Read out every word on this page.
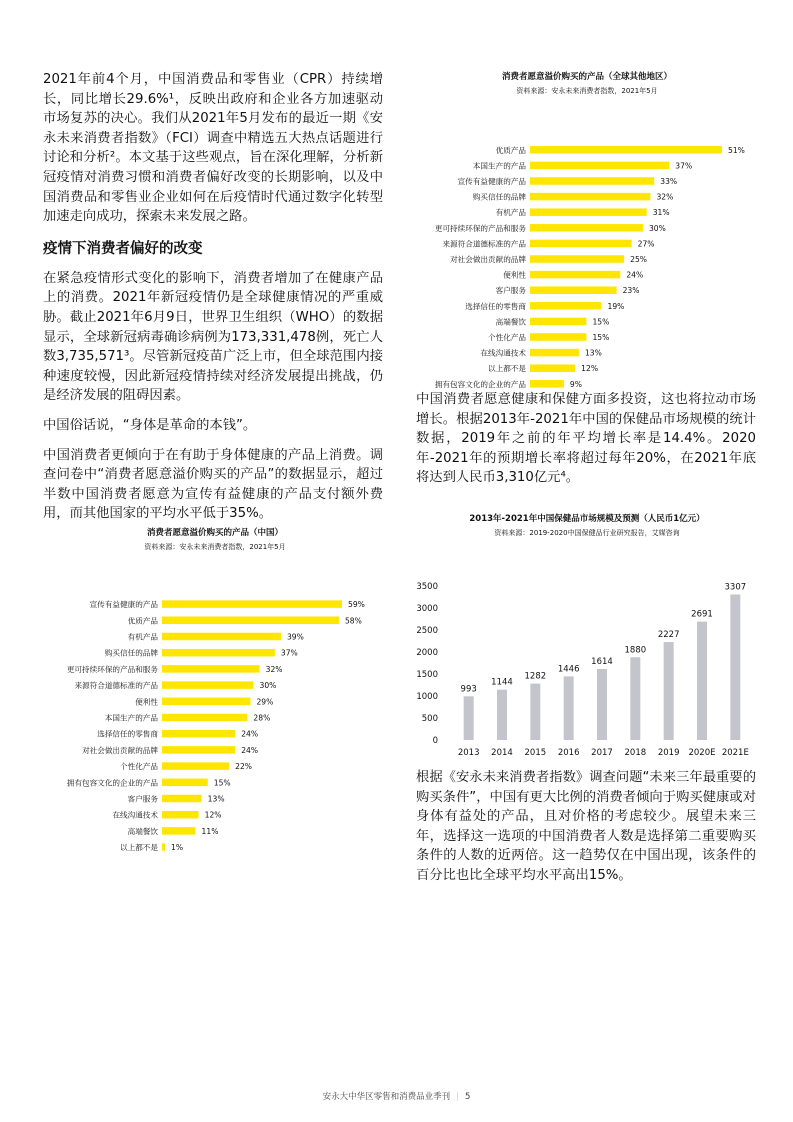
2021年前4个月，中国消费品和零售业（CPR）持续增长，同比增长29.6%¹，反映出政府和企业各方加速驱动市场复苏的决心。我们从2021年5月发布的最近一期《安永未来消费者指数》（FCI）调查中精选五大热点话题进行讨论和分析²。本文基于这些观点，旨在深化理解，分析新冠疫情对消费习惯和消费者偏好改变的长期影响，以及中国消费品和零售业企业如何在后疫情时代通过数字化转型加速走向成功，探索未来发展之路。

疫情下消费者偏好的改变

在紧急疫情形式变化的影响下，消费者增加了在健康产品上的消费。2021年新冠疫情仍是全球健康情况的严重威胁。截止2021年6月9日，世界卫生组织（WHO）的数据显示，全球新冠病毒确诊病例为173,331,478例，死亡人数3,735,571³。尽管新冠疫苗广泛上市，但全球范围内接种速度较慢，因此新冠疫情持续对经济发展提出挑战，仍是经济发展的阻碍因素。

中国俗话说，“身体是革命的本钱”。

中国消费者更倾向于在有助于身体健康的产品上消费。调查问卷中“消费者愿意溢价购买的产品”的数据显示，超过半数中国消费者愿意为宣传有益健康的产品支付额外费用，而其他国家的平均水平低于35%。

消费者愿意溢价购买的产品（全球其他地区）
资料来源：安永未来消费者指数，2021年5月
优质产品	51%
本国生产的产品	37%
宣传有益健康的产品	33%
购买信任的品牌	32%
有机产品	31%
更可持续环保的产品和服务	30%
来源符合道德标准的产品	27%
对社会做出贡献的品牌	25%
便利性	24%
客户服务	23%
选择信任的零售商	19%
高端餐饮	15%
个性化产品	15%
在线沟通技术	13%
以上都不是	12%
拥有包容文化的企业的产品	9%

中国消费者愿意健康和保健方面多投资，这也将拉动市场增长。根据2013年-2021年中国的保健品市场规模的统计数据，2019年之前的年平均增长率是14.4%。2020年-2021年的预期增长率将超过每年20%，在2021年底将达到人民币3,310亿元⁴。

消费者愿意溢价购买的产品（中国）
资料来源：安永未来消费者指数，2021年5月
宣传有益健康的产品	59%
优质产品	58%
有机产品	39%
购买信任的品牌	37%
更可持续环保的产品和服务	32%
来源符合道德标准的产品	30%
便利性	29%
本国生产的产品	28%
选择信任的零售商	24%
对社会做出贡献的品牌	24%
个性化产品	22%
拥有包容文化的企业的产品	15%
客户服务	13%
在线沟通技术	12%
高端餐饮	11%
以上都不是 1%
2013年-2021年中国保健品市场规模及预测（人民币1亿元）
资料来源：2019-2020中国保健品行业研究报告，艾媒咨询
0
500
1000
1500
2000
2500
3000
3500
993
2013
1144
2014
1282
2015
1446
2016
1614
2017
1880
2018
2227
2019
2691
2020E
3307
2021E

根据《安永未来消费者指数》调查问题“未来三年最重要的购买条件”，中国有更大比例的消费者倾向于购买健康或对身体有益处的产品，且对价格的考虑较少。展望未来三年，选择这一选项的中国消费者人数是选择第二重要购买条件的人数的近两倍。这一趋势仅在中国出现，该条件的百分比也比全球平均水平高出15%。

安永大中华区零售和消费品业季刊 | 5
